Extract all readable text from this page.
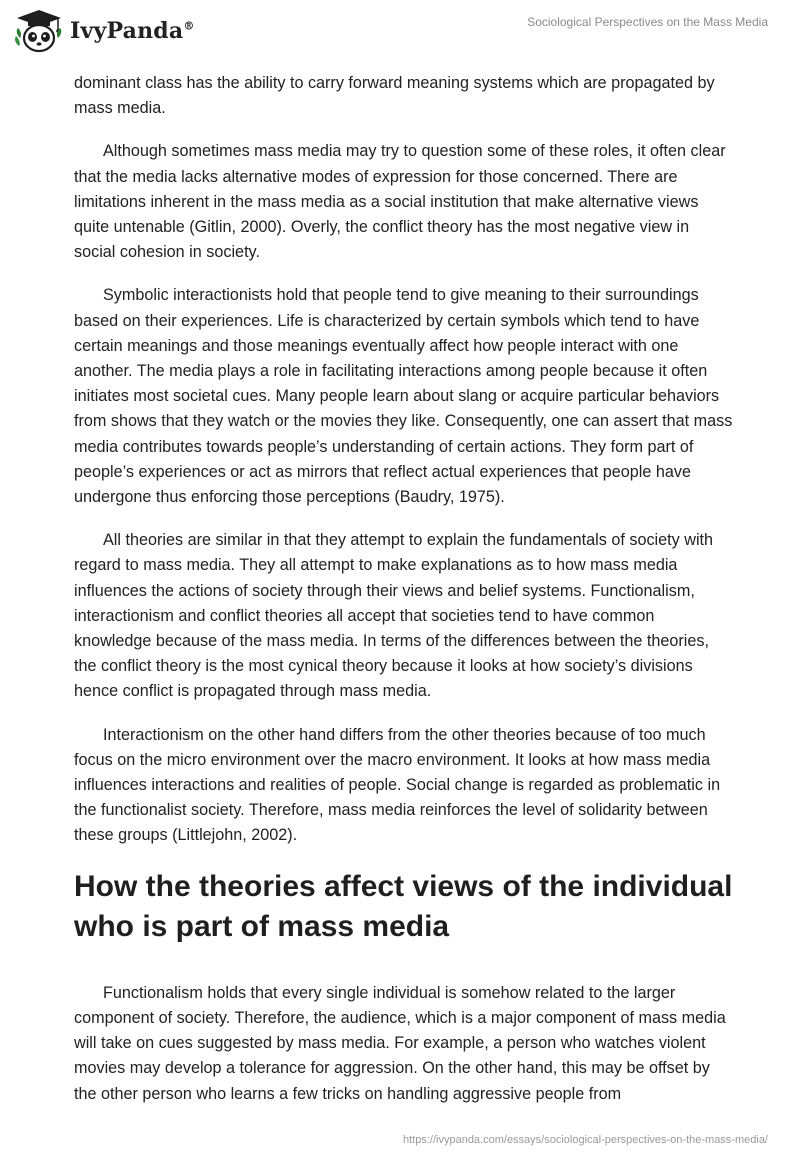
IvyPanda®	Sociological Perspectives on the Mass Media

dominant class has the ability to carry forward meaning systems which are propagated by mass media.

Although sometimes mass media may try to question some of these roles, it often clear that the media lacks alternative modes of expression for those concerned. There are limitations inherent in the mass media as a social institution that make alternative views quite untenable (Gitlin, 2000). Overly, the conflict theory has the most negative view in social cohesion in society.

Symbolic interactionists hold that people tend to give meaning to their surroundings based on their experiences. Life is characterized by certain symbols which tend to have certain meanings and those meanings eventually affect how people interact with one another. The media plays a role in facilitating interactions among people because it often initiates most societal cues. Many people learn about slang or acquire particular behaviors from shows that they watch or the movies they like. Consequently, one can assert that mass media contributes towards people’s understanding of certain actions. They form part of people’s experiences or act as mirrors that reflect actual experiences that people have undergone thus enforcing those perceptions (Baudry, 1975).

All theories are similar in that they attempt to explain the fundamentals of society with regard to mass media. They all attempt to make explanations as to how mass media influences the actions of society through their views and belief systems. Functionalism, interactionism and conflict theories all accept that societies tend to have common knowledge because of the mass media. In terms of the differences between the theories, the conflict theory is the most cynical theory because it looks at how society’s divisions hence conflict is propagated through mass media.

Interactionism on the other hand differs from the other theories because of too much focus on the micro environment over the macro environment. It looks at how mass media influences interactions and realities of people. Social change is regarded as problematic in the functionalist society. Therefore, mass media reinforces the level of solidarity between these groups (Littlejohn, 2002).

How the theories affect views of the individual who is part of mass media

Functionalism holds that every single individual is somehow related to the larger component of society. Therefore, the audience, which is a major component of mass media will take on cues suggested by mass media. For example, a person who watches violent movies may develop a tolerance for aggression. On the other hand, this may be offset by the other person who learns a few tricks on handling aggressive people from

https://ivypanda.com/essays/sociological-perspectives-on-the-mass-media/
